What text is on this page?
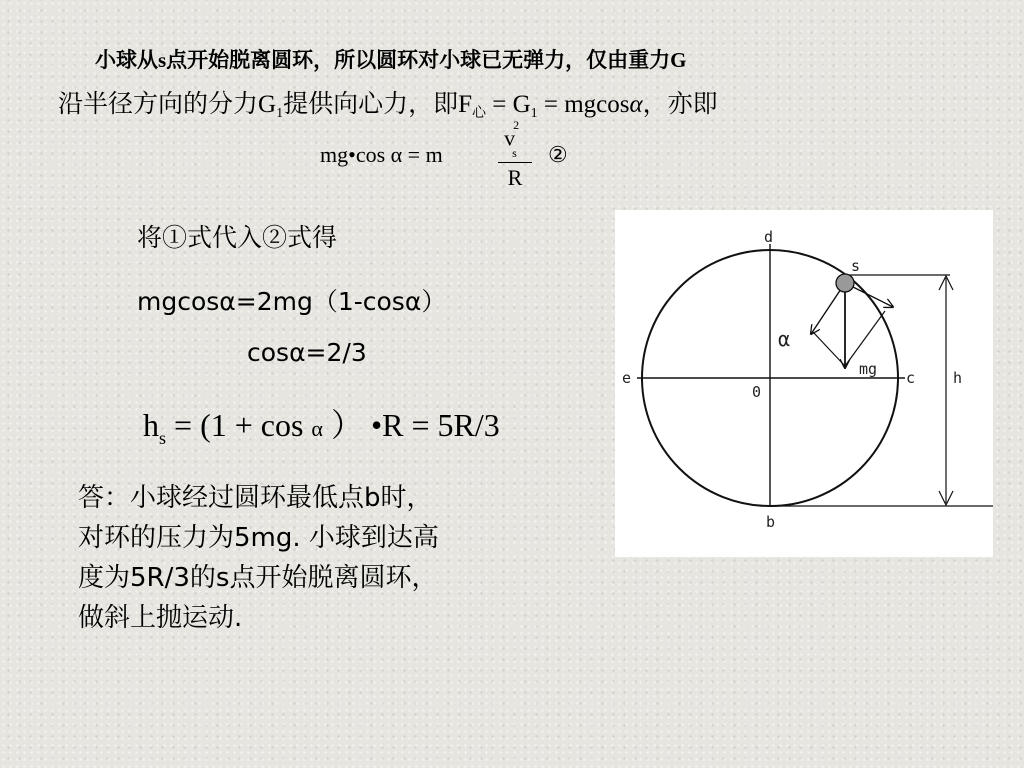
小球从s点开始脱离圆环，所以圆环对小球已无弹力，仅由重力G
沿半径方向的分力$G_1$提供向心力，即$F_心 = G_1 = mgcos\alpha$，亦即
mg•cos α = m	$\frac{v^2_s}{R}$ ②
将①式代入②式得
mgcosα=2mg（1-cosα）
cosα=2/3
$h_s = (1 + \cos \alpha$ ） •R = 5R/3
答：小球经过圆环最低点b时，
对环的压力为5mg. 小球到达高
度为5R/3的s点开始脱离圆环，
做斜上抛运动.
d
s
α
mg
e
0
c	h
b
